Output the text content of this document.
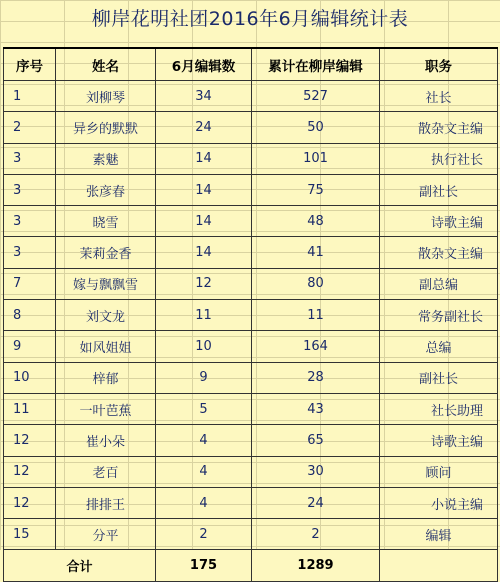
柳岸花明社团2016年6月编辑统计表
序号	姓名	6月编辑数	累计在柳岸编辑	职务
1	刘柳琴	34	527	社长
2	异乡的默默	24	50	散杂文主编
3	素魅	14	101	执行社长
3	张彦春	14	75	副社长
3	晓雪	14	48	诗歌主编
3	茉莉金香	14	41	散杂文主编
7	嫁与飘飘雪	12	80	副总编
8	刘文龙	11	11	常务副社长
9	如风姐姐	10	164	总编
10	梓郁	9	28	副社长
11	一叶芭蕉	5	43	社长助理
12	崔小朵	4	65	诗歌主编
12	老百	4	30	顾问
12	排排王	4	24	小说主编
15	分平	2	2	编辑
合计		175	1289	
